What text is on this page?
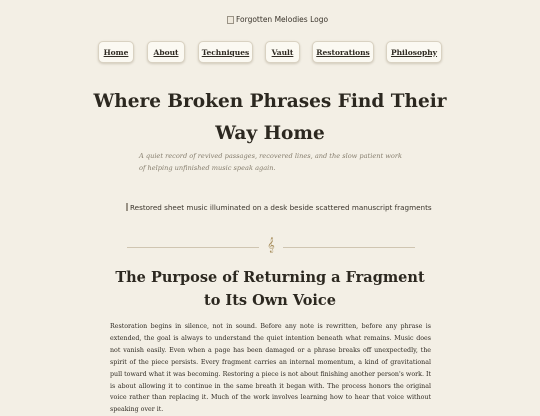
Forgotten Melodies Logo
Home	About	Techniques	Vault	Restorations	Philosophy
Where Broken Phrases Find Their Way Home

A quiet record of revived passages, recovered lines, and the slow patient work of helping unfinished music speak again.

Restored sheet music illuminated on a desk beside scattered manuscript fragments
𝄞
The Purpose of Returning a Fragment to Its Own Voice

Restoration begins in silence, not in sound. Before any note is rewritten, before any phrase is extended, the goal is always to understand the quiet intention beneath what remains. Music does not vanish easily. Even when a page has been damaged or a phrase breaks off unexpectedly, the spirit of the piece persists. Every fragment carries an internal momentum, a kind of gravitational pull toward what it was becoming. Restoring a piece is not about finishing another person's work. It is about allowing it to continue in the same breath it began with. The process honors the original voice rather than replacing it. Much of the work involves learning how to hear that voice without speaking over it.
